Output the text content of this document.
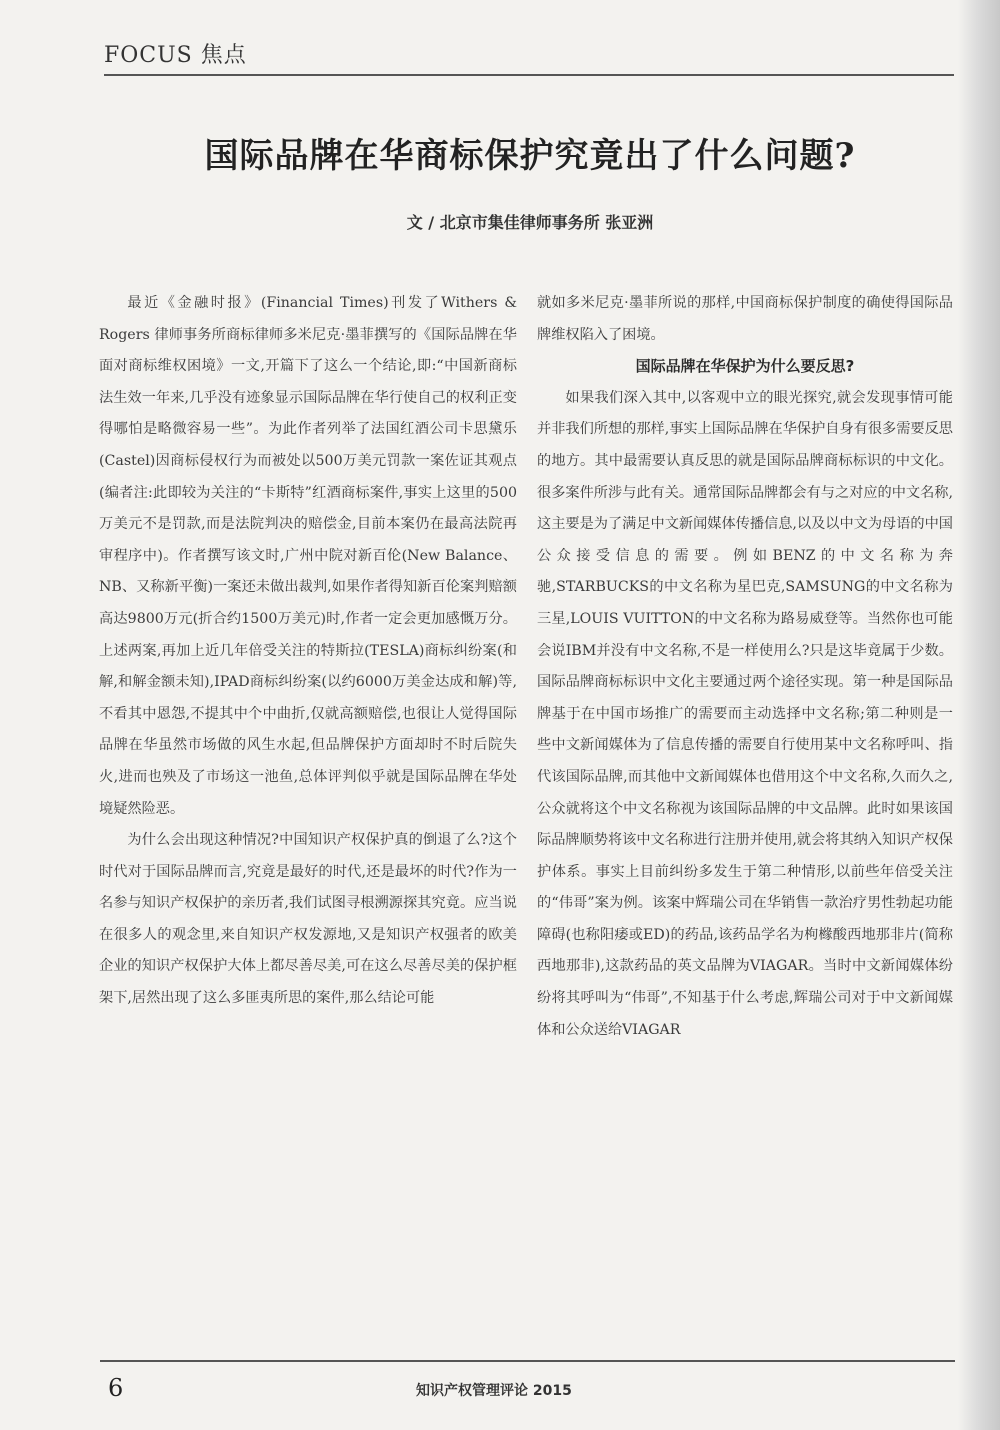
FOCUS 焦点
国际品牌在华商标保护究竟出了什么问题?
文 / 北京市集佳律师事务所 张亚洲

最近《金融时报》(Financial Times)刊发了Withers & Rogers 律师事务所商标律师多米尼克·墨菲撰写的《国际品牌在华面对商标维权困境》一文,开篇下了这么一个结论,即:“中国新商标法生效一年来,几乎没有迹象显示国际品牌在华行使自己的权利正变得哪怕是略微容易一些”。为此作者列举了法国红酒公司卡思黛乐(Castel)因商标侵权行为而被处以500万美元罚款一案佐证其观点(编者注:此即较为关注的“卡斯特”红酒商标案件,事实上这里的500万美元不是罚款,而是法院判决的赔偿金,目前本案仍在最高法院再审程序中)。作者撰写该文时,广州中院对新百伦(New Balance、NB、又称新平衡)一案还未做出裁判,如果作者得知新百伦案判赔额高达9800万元(折合约1500万美元)时,作者一定会更加感慨万分。上述两案,再加上近几年倍受关注的特斯拉(TESLA)商标纠纷案(和解,和解金额未知),IPAD商标纠纷案(以约6000万美金达成和解)等,不看其中恩怨,不提其中个中曲折,仅就高额赔偿,也很让人觉得国际品牌在华虽然市场做的风生水起,但品牌保护方面却时不时后院失火,进而也殃及了市场这一池鱼,总体评判似乎就是国际品牌在华处境疑然险恶。

为什么会出现这种情况?中国知识产权保护真的倒退了么?这个时代对于国际品牌而言,究竟是最好的时代,还是最坏的时代?作为一名参与知识产权保护的亲历者,我们试图寻根溯源探其究竟。应当说在很多人的观念里,来自知识产权发源地,又是知识产权强者的欧美企业的知识产权保护大体上都尽善尽美,可在这么尽善尽美的保护框架下,居然出现了这么多匪夷所思的案件,那么结论可能

就如多米尼克·墨菲所说的那样,中国商标保护制度的确使得国际品牌维权陷入了困境。

国际品牌在华保护为什么要反思?

如果我们深入其中,以客观中立的眼光探究,就会发现事情可能并非我们所想的那样,事实上国际品牌在华保护自身有很多需要反思的地方。其中最需要认真反思的就是国际品牌商标标识的中文化。很多案件所涉与此有关。通常国际品牌都会有与之对应的中文名称,这主要是为了满足中文新闻媒体传播信息,以及以中文为母语的中国公众接受信息的需要。例如BENZ的中文名称为奔驰,STARBUCKS的中文名称为星巴克,SAMSUNG的中文名称为三星,LOUIS VUITTON的中文名称为路易威登等。当然你也可能会说IBM并没有中文名称,不是一样使用么?只是这毕竟属于少数。国际品牌商标标识中文化主要通过两个途径实现。第一种是国际品牌基于在中国市场推广的需要而主动选择中文名称;第二种则是一些中文新闻媒体为了信息传播的需要自行使用某中文名称呼叫、指代该国际品牌,而其他中文新闻媒体也借用这个中文名称,久而久之,公众就将这个中文名称视为该国际品牌的中文品牌。此时如果该国际品牌顺势将该中文名称进行注册并使用,就会将其纳入知识产权保护体系。事实上目前纠纷多发生于第二种情形,以前些年倍受关注的“伟哥”案为例。该案中辉瑞公司在华销售一款治疗男性勃起功能障碍(也称阳痿或ED)的药品,该药品学名为枸橼酸西地那非片(简称西地那非),这款药品的英文品牌为VIAGAR。当时中文新闻媒体纷纷将其呼叫为“伟哥”,不知基于什么考虑,辉瑞公司对于中文新闻媒体和公众送给VIAGAR

6	知识产权管理评论 2015
